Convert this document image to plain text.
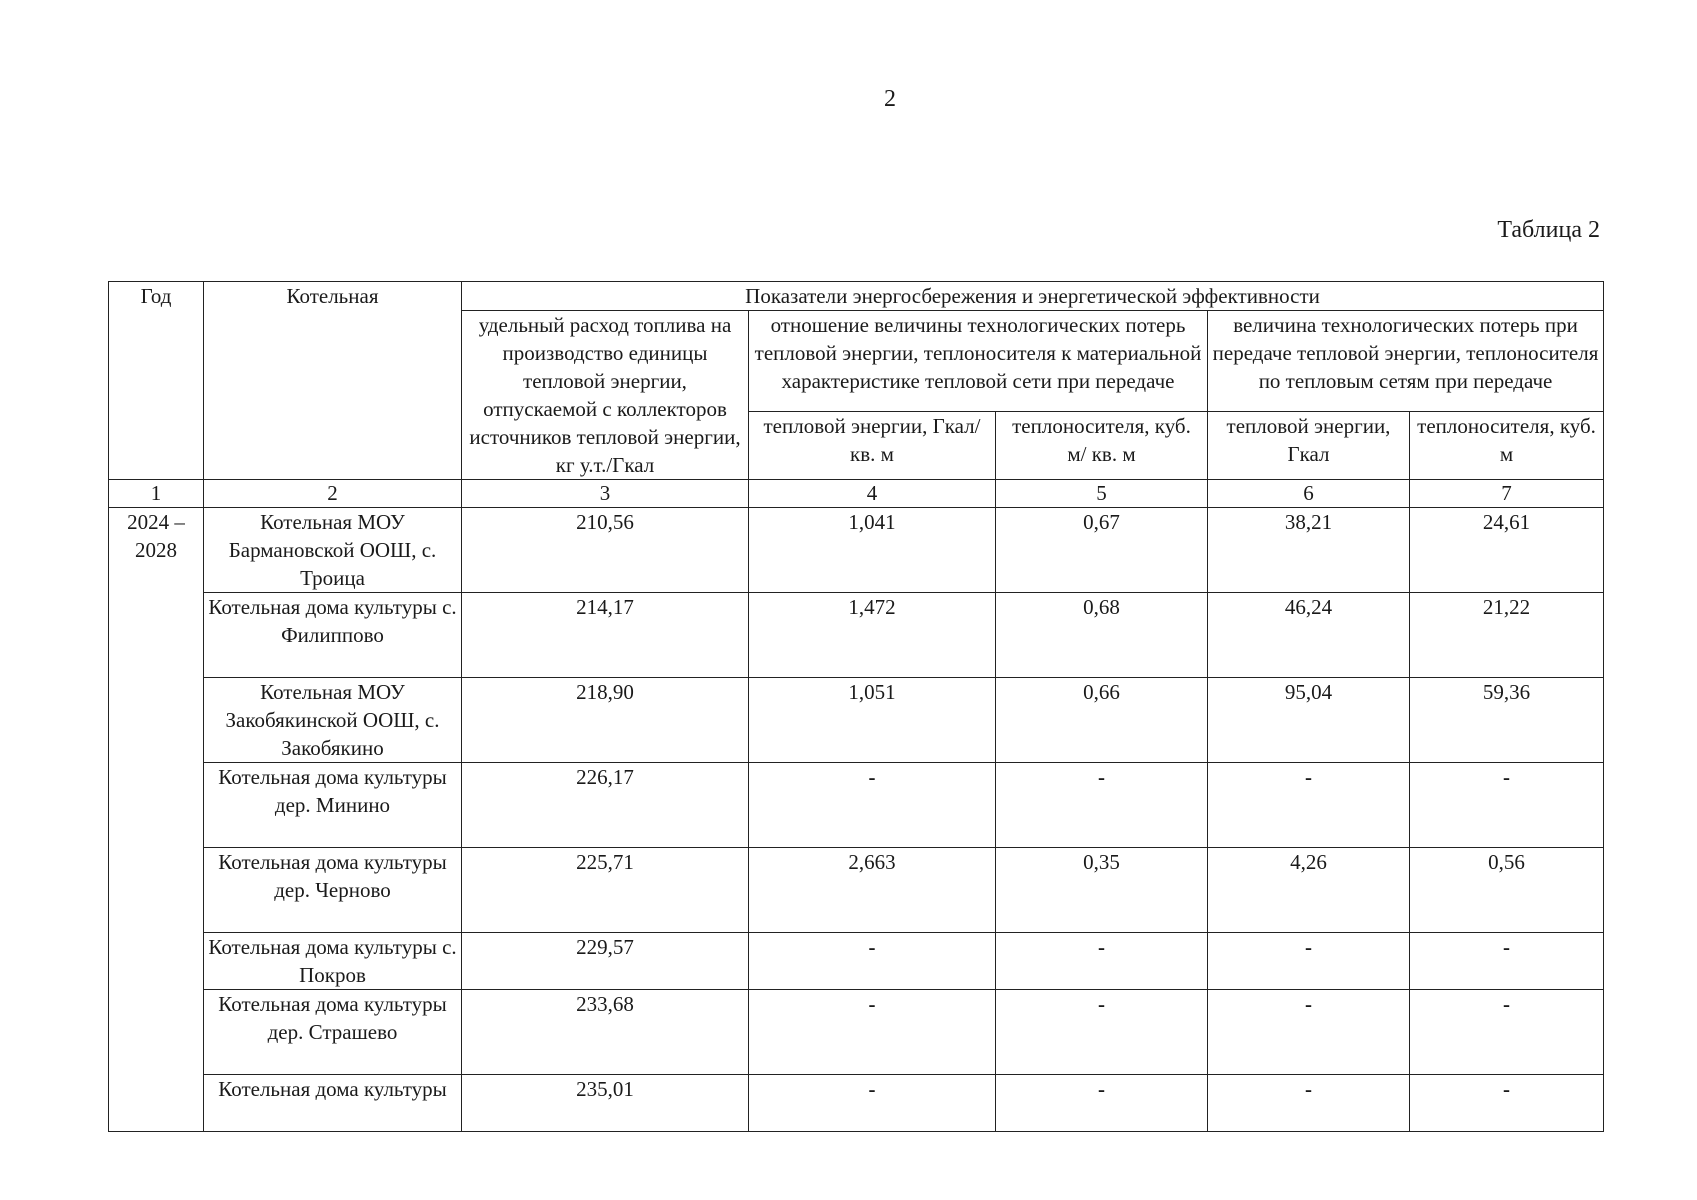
2
Таблица 2
Год	Котельная	Показатели энергосбережения и энергетической эффективности				
		удельный расход топлива на производство единицы тепловой энергии, отпускаемой с коллекторов источников тепловой энергии, кг у.т./Гкал	отношение величины технологических потерь тепловой энергии, теплоносителя к материальной характеристике тепловой сети при передаче		величина технологических потерь при передаче тепловой энергии, теплоносителя по тепловым сетям при передаче	
			тепловой энергии, Гкал/ кв. м	теплоносителя, куб. м/ кв. м	тепловой энергии, Гкал	теплоносителя, куб. м
1	2	3	4	5	6	7
2024 – 2028	Котельная МОУ Бармановской ООШ, с. Троица	210,56	1,041	0,67	38,21	24,61
	Котельная дома культуры с. Филиппово	214,17	1,472	0,68	46,24	21,22
	Котельная МОУ Закобякинской ООШ, с. Закобякино	218,90	1,051	0,66	95,04	59,36
	Котельная дома культуры дер. Минино	226,17	-	-	-	-
	Котельная дома культуры дер. Черново	225,71	2,663	0,35	4,26	0,56
	Котельная дома культуры с. Покров	229,57	-	-	-	-
	Котельная дома культуры дер. Страшево	233,68	-	-	-	-
	Котельная дома культуры	235,01	-	-	-	-
